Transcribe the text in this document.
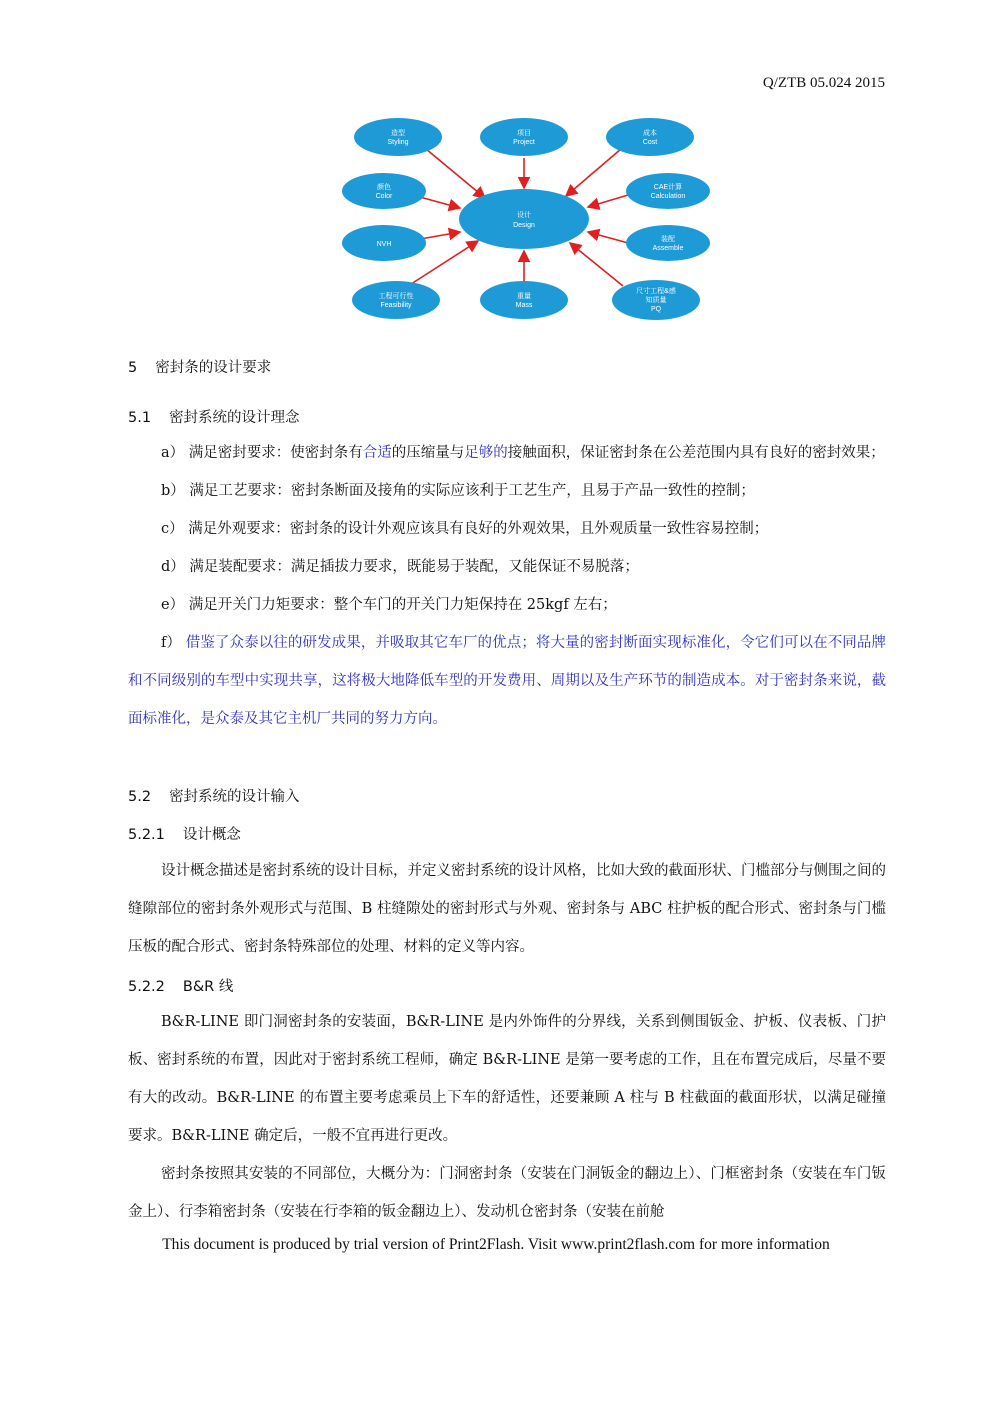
Q/ZTB 05.024 2015
设计
Design
造型
Styling
项目
Project
成本
Cost
颜色
Color
CAE计算
Calculation
NVH
装配
Assemble
工程可行性
Feasibility
重量
Mass
尺寸工程&感
知质量
PQ
5 密封条的设计要求
5.1 密封系统的设计理念

a） 满足密封要求：使密封条有合适的压缩量与足够的接触面积，保证密封条在公差范围内具有良好的密封效果；

b） 满足工艺要求：密封条断面及接角的实际应该利于工艺生产，且易于产品一致性的控制；

c） 满足外观要求：密封条的设计外观应该具有良好的外观效果，且外观质量一致性容易控制；

d） 满足装配要求：满足插拔力要求，既能易于装配，又能保证不易脱落；

e） 满足开关门力矩要求：整个车门的开关门力矩保持在 25kgf 左右；

f） 借鉴了众泰以往的研发成果，并吸取其它车厂的优点；将大量的密封断面实现标准化，令它们可以在不同品牌和不同级别的车型中实现共享，这将极大地降低车型的开发费用、周期以及生产环节的制造成本。对于密封条来说，截面标准化，是众泰及其它主机厂共同的努力方向。

5.2 密封系统的设计输入
5.2.1 设计概念

设计概念描述是密封系统的设计目标，并定义密封系统的设计风格，比如大致的截面形状、门槛部分与侧围之间的缝隙部位的密封条外观形式与范围、B 柱缝隙处的密封形式与外观、密封条与 ABC 柱护板的配合形式、密封条与门槛压板的配合形式、密封条特殊部位的处理、材料的定义等内容。

5.2.2 B&R 线

B&R-LINE 即门洞密封条的安装面，B&R-LINE 是内外饰件的分界线，关系到侧围钣金、护板、仪表板、门护板、密封系统的布置，因此对于密封系统工程师，确定 B&R-LINE 是第一要考虑的工作，且在布置完成后，尽量不要有大的改动。B&R-LINE 的布置主要考虑乘员上下车的舒适性，还要兼顾 A 柱与 B 柱截面的截面形状，以满足碰撞要求。B&R-LINE 确定后，一般不宜再进行更改。

密封条按照其安装的不同部位，大概分为：门洞密封条（安装在门洞钣金的翻边上）、门框密封条（安装在车门钣金上）、行李箱密封条（安装在行李箱的钣金翻边上）、发动机仓密封条（安装在前舱

This document is produced by trial version of Print2Flash. Visit www.print2flash.com for more information
